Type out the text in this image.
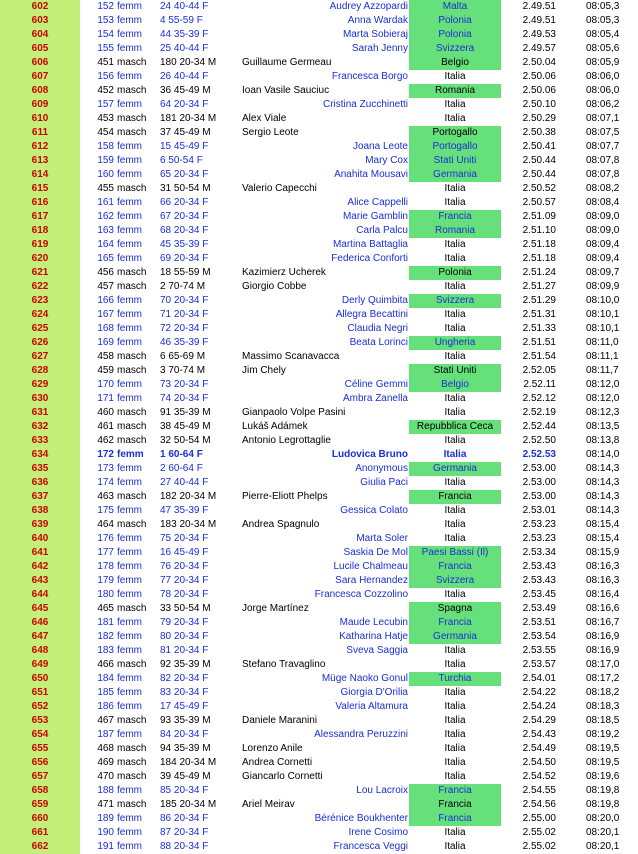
602	152 femm	24 40-44 F	Audrey Azzopardi	Malta	2.49.51	08:05,3
603	153 femm	4 55-59 F	Anna Wardak	Polonia	2.49.51	08:05,3
604	154 femm	44 35-39 F	Marta Sobieraj	Polonia	2.49.53	08:05,4
605	155 femm	25 40-44 F	Sarah Jenny	Svizzera	2.49.57	08:05,6
606	451 masch	180 20-34 M	Guillaume Germeau	Belgio	2.50.04	08:05,9
607	156 femm	26 40-44 F	Francesca Borgo	Italia	2.50.06	08:06,0
608	452 masch	36 45-49 M	Ioan Vasile Sauciuc	Romania	2.50.06	08:06,0
609	157 femm	64 20-34 F	Cristina Zucchinetti	Italia	2.50.10	08:06,2
610	453 masch	181 20-34 M	Alex Viale	Italia	2.50.29	08:07,1
611	454 masch	37 45-49 M	Sergio Leote	Portogallo	2.50.38	08:07,5
612	158 femm	15 45-49 F	Joana Leote	Portogallo	2.50.41	08:07,7
613	159 femm	6 50-54 F	Mary Cox	Stati Uniti	2.50.44	08:07,8
614	160 femm	65 20-34 F	Anahita Mousavi	Germania	2.50.44	08:07,8
615	455 masch	31 50-54 M	Valerio Capecchi	Italia	2.50.52	08:08,2
616	161 femm	66 20-34 F	Alice Cappelli	Italia	2.50.57	08:08,4
617	162 femm	67 20-34 F	Marie Gamblin	Francia	2.51.09	08:09,0
618	163 femm	68 20-34 F	Carla Palcu	Romania	2.51.10	08:09,0
619	164 femm	45 35-39 F	Martina Battaglia	Italia	2.51.18	08:09,4
620	165 femm	69 20-34 F	Federica Conforti	Italia	2.51.18	08:09,4
621	456 masch	18 55-59 M	Kazimierz Ucherek	Polonia	2.51.24	08:09,7
622	457 masch	2 70-74 M	Giorgio Cobbe	Italia	2.51.27	08:09,9
623	166 femm	70 20-34 F	Derly Quimbita	Svizzera	2.51.29	08:10,0
624	167 femm	71 20-34 F	Allegra Becattini	Italia	2.51.31	08:10,1
625	168 femm	72 20-34 F	Claudia Negri	Italia	2.51.33	08:10,1
626	169 femm	46 35-39 F	Beata Lorinci	Ungheria	2.51.51	08:11,0
627	458 masch	6 65-69 M	Massimo Scanavacca	Italia	2.51.54	08:11,1
628	459 masch	3 70-74 M	Jim Chely	Stati Uniti	2.52.05	08:11,7
629	170 femm	73 20-34 F	Céline Gemmi	Belgio	2.52.11	08:12,0
630	171 femm	74 20-34 F	Ambra Zanella	Italia	2.52.12	08:12,0
631	460 masch	91 35-39 M	Gianpaolo Volpe Pasini	Italia	2.52.19	08:12,3
632	461 masch	38 45-49 M	Lukáš Adámek	Repubblica Ceca	2.52.44	08:13,5
633	462 masch	32 50-54 M	Antonio Legrottaglie	Italia	2.52.50	08:13,8
634	172 femm	1 60-64 F	Ludovica Bruno	Italia	2.52.53	08:14,0
635	173 femm	2 60-64 F	Anonymous	Germania	2.53.00	08:14,3
636	174 femm	27 40-44 F	Giulia Paci	Italia	2.53.00	08:14,3
637	463 masch	182 20-34 M	Pierre-Eliott Phelps	Francia	2.53.00	08:14,3
638	175 femm	47 35-39 F	Gessica Colato	Italia	2.53.01	08:14,3
639	464 masch	183 20-34 M	Andrea Spagnulo	Italia	2.53.23	08:15,4
640	176 femm	75 20-34 F	Marta Soler	Italia	2.53.23	08:15,4
641	177 femm	16 45-49 F	Saskia De Mol	Paesi Bassi (Il)	2.53.34	08:15,9
642	178 femm	76 20-34 F	Lucile Chalmeau	Francia	2.53.43	08:16,3
643	179 femm	77 20-34 F	Sara Hernandez	Svizzera	2.53.43	08:16,3
644	180 femm	78 20-34 F	Francesca Cozzolino	Italia	2.53.45	08:16,4
645	465 masch	33 50-54 M	Jorge Martínez	Spagna	2.53.49	08:16,6
646	181 femm	79 20-34 F	Maude Lecubin	Francia	2.53.51	08:16,7
647	182 femm	80 20-34 F	Katharina Hatje	Germania	2.53.54	08:16,9
648	183 femm	81 20-34 F	Sveva Saggia	Italia	2.53.55	08:16,9
649	466 masch	92 35-39 M	Stefano Travaglino	Italia	2.53.57	08:17,0
650	184 femm	82 20-34 F	Müge Naoko Gonul	Turchia	2.54.01	08:17,2
651	185 femm	83 20-34 F	Giorgia D'Orilia	Italia	2.54.22	08:18,2
652	186 femm	17 45-49 F	Valeria Altamura	Italia	2.54.24	08:18,3
653	467 masch	93 35-39 M	Daniele Maranini	Italia	2.54.29	08:18,5
654	187 femm	84 20-34 F	Alessandra Peruzzini	Italia	2.54.43	08:19,2
655	468 masch	94 35-39 M	Lorenzo Anile	Italia	2.54.49	08:19,5
656	469 masch	184 20-34 M	Andrea Cornetti	Italia	2.54.50	08:19,5
657	470 masch	39 45-49 M	Giancarlo Cornetti	Italia	2.54.52	08:19,6
658	188 femm	85 20-34 F	Lou Lacroix	Francia	2.54.55	08:19,8
659	471 masch	185 20-34 M	Ariel Meirav	Francia	2.54.56	08:19,8
660	189 femm	86 20-34 F	Bérénice Boukhenter	Francia	2.55.00	08:20,0
661	190 femm	87 20-34 F	Irene Cosimo	Italia	2.55.02	08:20,1
662	191 femm	88 20-34 F	Francesca Veggi	Italia	2.55.02	08:20,1
